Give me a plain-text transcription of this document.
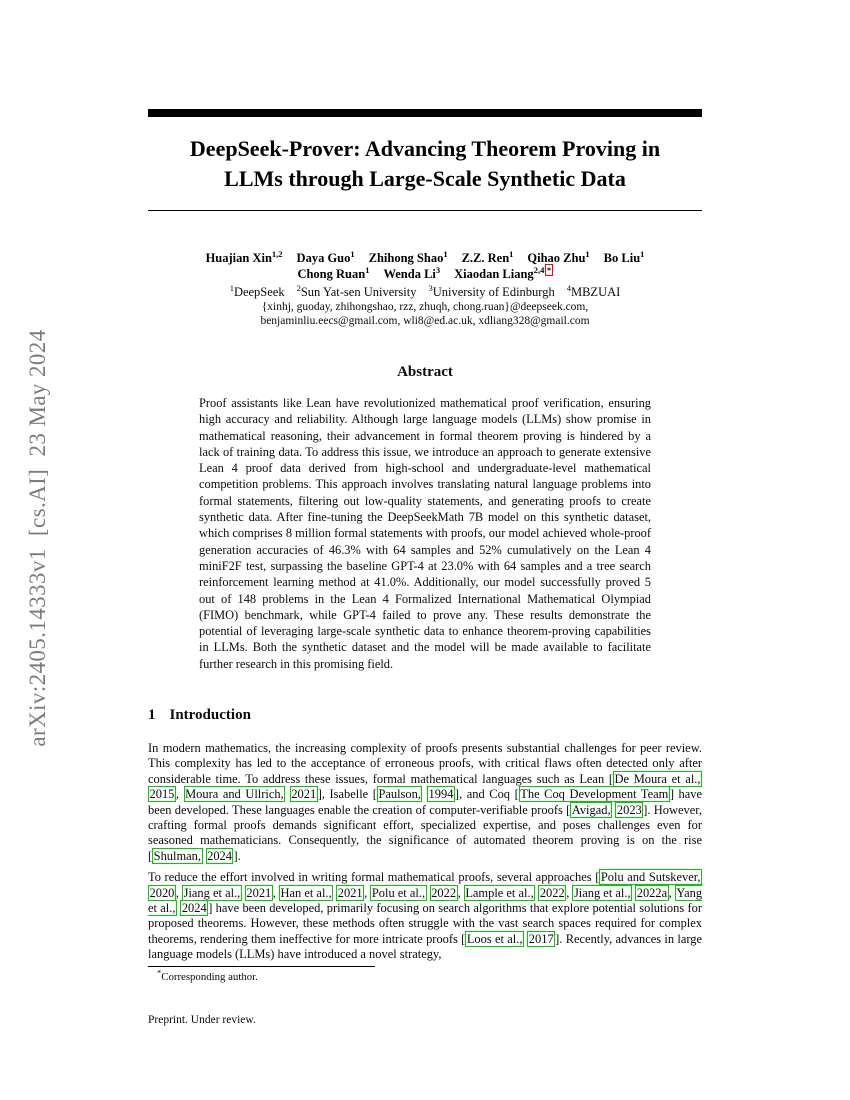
arXiv:2405.14333v1  [cs.AI]  23 May 2024
DeepSeek-Prover: Advancing Theorem Proving in
LLMs through Large-Scale Synthetic Data
Huajian Xin$^{1,2}$ Daya Guo$^1$ Zhihong Shao$^1$ Z.Z. Ren$^1$ Qihao Zhu$^1$ Bo Liu$^1$
Chong Ruan$^1$ Wenda Li$^3$ Xiaodan Liang$^{2,4}$ *
$^1$DeepSeek $^2$Sun Yat-sen University $^3$University of Edinburgh $^4$MBZUAI
{xinhj, guoday, zhihongshao, rzz, zhuqh, chong.ruan}@deepseek.com,
benjaminliu.eecs@gmail.com, wli8@ed.ac.uk, xdliang328@gmail.com
Abstract
Proof assistants like Lean have revolutionized mathematical proof verification, ensuring high accuracy and reliability. Although large language models (LLMs) show promise in mathematical reasoning, their advancement in formal theorem proving is hindered by a lack of training data. To address this issue, we introduce an approach to generate extensive Lean 4 proof data derived from high-school and undergraduate-level mathematical competition problems. This approach involves translating natural language problems into formal statements, filtering out low-quality statements, and generating proofs to create synthetic data. After fine-tuning the DeepSeekMath 7B model on this synthetic dataset, which comprises 8 million formal statements with proofs, our model achieved whole-proof generation accuracies of 46.3% with 64 samples and 52% cumulatively on the Lean 4 miniF2F test, surpassing the baseline GPT-4 at 23.0% with 64 samples and a tree search reinforcement learning method at 41.0%. Additionally, our model successfully proved 5 out of 148 problems in the Lean 4 Formalized International Mathematical Olympiad (FIMO) benchmark, while GPT-4 failed to prove any. These results demonstrate the potential of leveraging large-scale synthetic data to enhance theorem-proving capabilities in LLMs. Both the synthetic dataset and the model will be made available to facilitate further research in this promising field.
1 Introduction

In modern mathematics, the increasing complexity of proofs presents substantial challenges for peer review. This complexity has led to the acceptance of erroneous proofs, with critical flaws often detected only after considerable time. To address these issues, formal mathematical languages such as Lean [ De Moura et al., 2015 , Moura and Ullrich, 2021 ], Isabelle [ Paulson, 1994 ], and Coq [ The Coq Development Team ] have been developed. These languages enable the creation of computer-verifiable proofs [ Avigad, 2023 ]. However, crafting formal proofs demands significant effort, specialized expertise, and poses challenges even for seasoned mathematicians. Consequently, the significance of automated theorem proving is on the rise [ Shulman, 2024 ].

To reduce the effort involved in writing formal mathematical proofs, several approaches [ Polu and Sutskever, 2020 , Jiang et al., 2021 , Han et al., 2021 , Polu et al., 2022 , Lample et al., 2022 , Jiang et al., 2022a , Yang et al., 2024 ] have been developed, primarily focusing on search algorithms that explore potential solutions for proposed theorems. However, these methods often struggle with the vast search spaces required for complex theorems, rendering them ineffective for more intricate proofs [ Loos et al., 2017 ]. Recently, advances in large language models (LLMs) have introduced a novel strategy,

*Corresponding author.
Preprint. Under review.
